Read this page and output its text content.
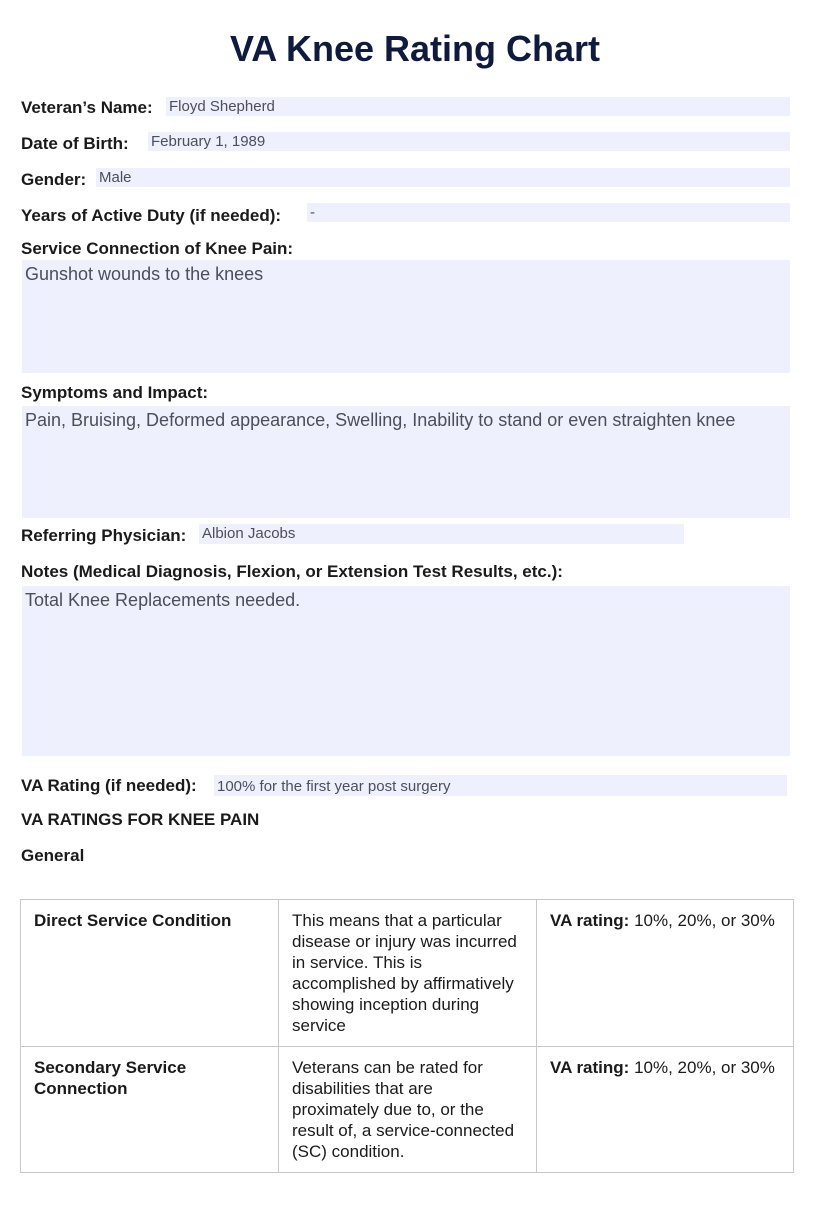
VA Knee Rating Chart
Veteran’s Name: Floyd Shepherd
Date of Birth: February 1, 1989
Gender: Male
Years of Active Duty (if needed): -
Service Connection of Knee Pain:
Gunshot wounds to the knees
Symptoms and Impact:
Pain, Bruising, Deformed appearance, Swelling, Inability to stand or even straighten knee
Referring Physician: Albion Jacobs
Notes (Medical Diagnosis, Flexion, or Extension Test Results, etc.):
Total Knee Replacements needed.
VA Rating (if needed): 100% for the first year post surgery
VA RATINGS FOR KNEE PAIN
General
Direct Service Condition	This means that a particular disease or injury was incurred in service. This is accomplished by affirmatively showing inception during service	VA rating: 10%, 20%, or 30%
Secondary Service Connection	Veterans can be rated for disabilities that are proximately due to, or the result of, a service-connected (SC) condition.	VA rating: 10%, 20%, or 30%
